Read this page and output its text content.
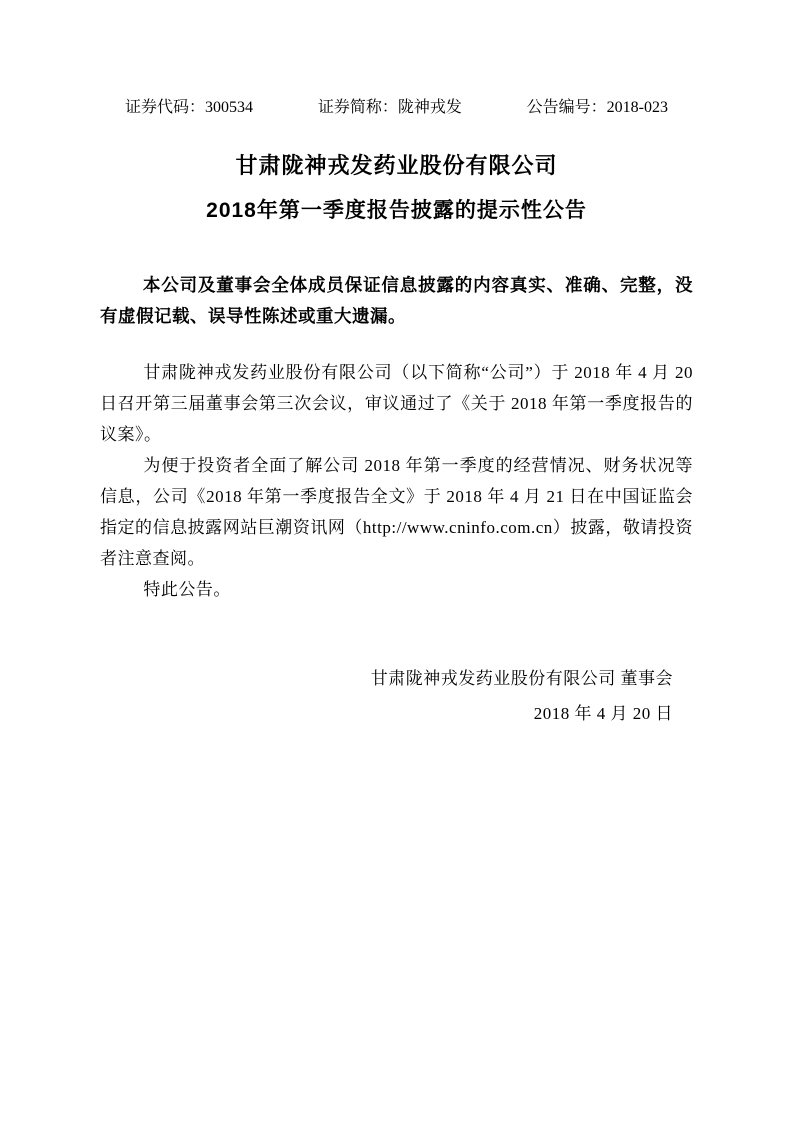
证券代码：300534	证券简称：陇神戎发	公告编号：2018-023
甘肃陇神戎发药业股份有限公司
2018年第一季度报告披露的提示性公告

本公司及董事会全体成员保证信息披露的内容真实、准确、完整，没有虚假记载、误导性陈述或重大遗漏。

甘肃陇神戎发药业股份有限公司（以下简称“公司”）于 2018 年 4 月 20 日召开第三届董事会第三次会议，审议通过了《关于 2018 年第一季度报告的议案》。

为便于投资者全面了解公司 2018 年第一季度的经营情况、财务状况等信息，公司《2018 年第一季度报告全文》于 2018 年 4 月 21 日在中国证监会指定的信息披露网站巨潮资讯网（http://www.cninfo.com.cn）披露，敬请投资者注意查阅。

特此公告。

甘肃陇神戎发药业股份有限公司 董事会
2018 年 4 月 20 日
